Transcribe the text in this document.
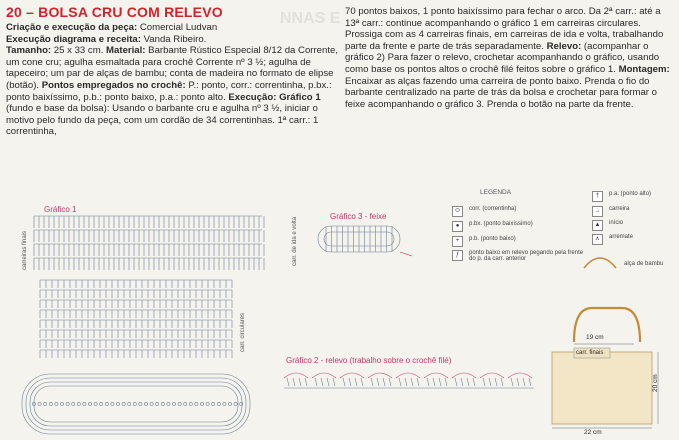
20 – BOLSA CRU COM RELEVO	NNAS E

Criação e execução da peça: Comercial Ludvan

Execução diagrama e receita: Vanda Ribeiro.

Tamanho: 25 x 33 cm. Material: Barbante Rústico Especial 8/12 da Corrente, um cone cru; agulha esmaltada para crochê Corrente nº 3 ½; agulha de tapeceiro; um par de alças de bambu; conta de madeira no formato de elipse (botão). Pontos empregados no crochê: P.: ponto, corr.: correntinha, p.bx.: ponto baixíssimo, p.b.: ponto baixo, p.a.: ponto alto. Execução: Gráfico 1 (fundo e base da bolsa): Usando o barbante cru e agulha nº 3 ½, iniciar o motivo pelo fundo da peça, com um cordão de 34 correntinhas. 1ª carr.: 1 correntinha,

70 pontos baixos, 1 ponto baixíssimo para fechar o arco. Da 2ª carr.: até a 13ª carr.: continue acompanhando o gráfico 1 em carreiras circulares. Prossiga com as 4 carreiras finais, em carreiras de ida e volta, trabalhando parte da frente e parte de trás separadamente. Relevo: (acompanhar o gráfico 2) Para fazer o relevo, crochetar acompanhando o gráfico, usando como base os pontos altos o crochê filé feitos sobre o gráfico 1. Montagem: Encaixar as alças fazendo uma carreira de ponto baixo. Prenda o fio do barbante centralizado na parte de trás da bolsa e crochetar para formar o feixe acompanhando o gráfico 3. Prenda o botão na parte da frente.

Gráfico 1
carreiras finais	carr. de ida e volta
carr. circulares
Gráfico 3 - feixe
Gráfico 2 - relevo (trabalho sobre o crochê filé)
LEGENDA
⬭	corr. (correntinha)
●	p.bx. (ponto baixíssimo)
+	p.b. (ponto baixo)
ƒ	ponto baixo em relevo pegando pela frente do p. da carr. anterior
†	p.a. (ponto alto)
→	carreira
▲	início
⋏	arremate
alça de bambu
19 cm
carr. finais
20 cm
22 cm
